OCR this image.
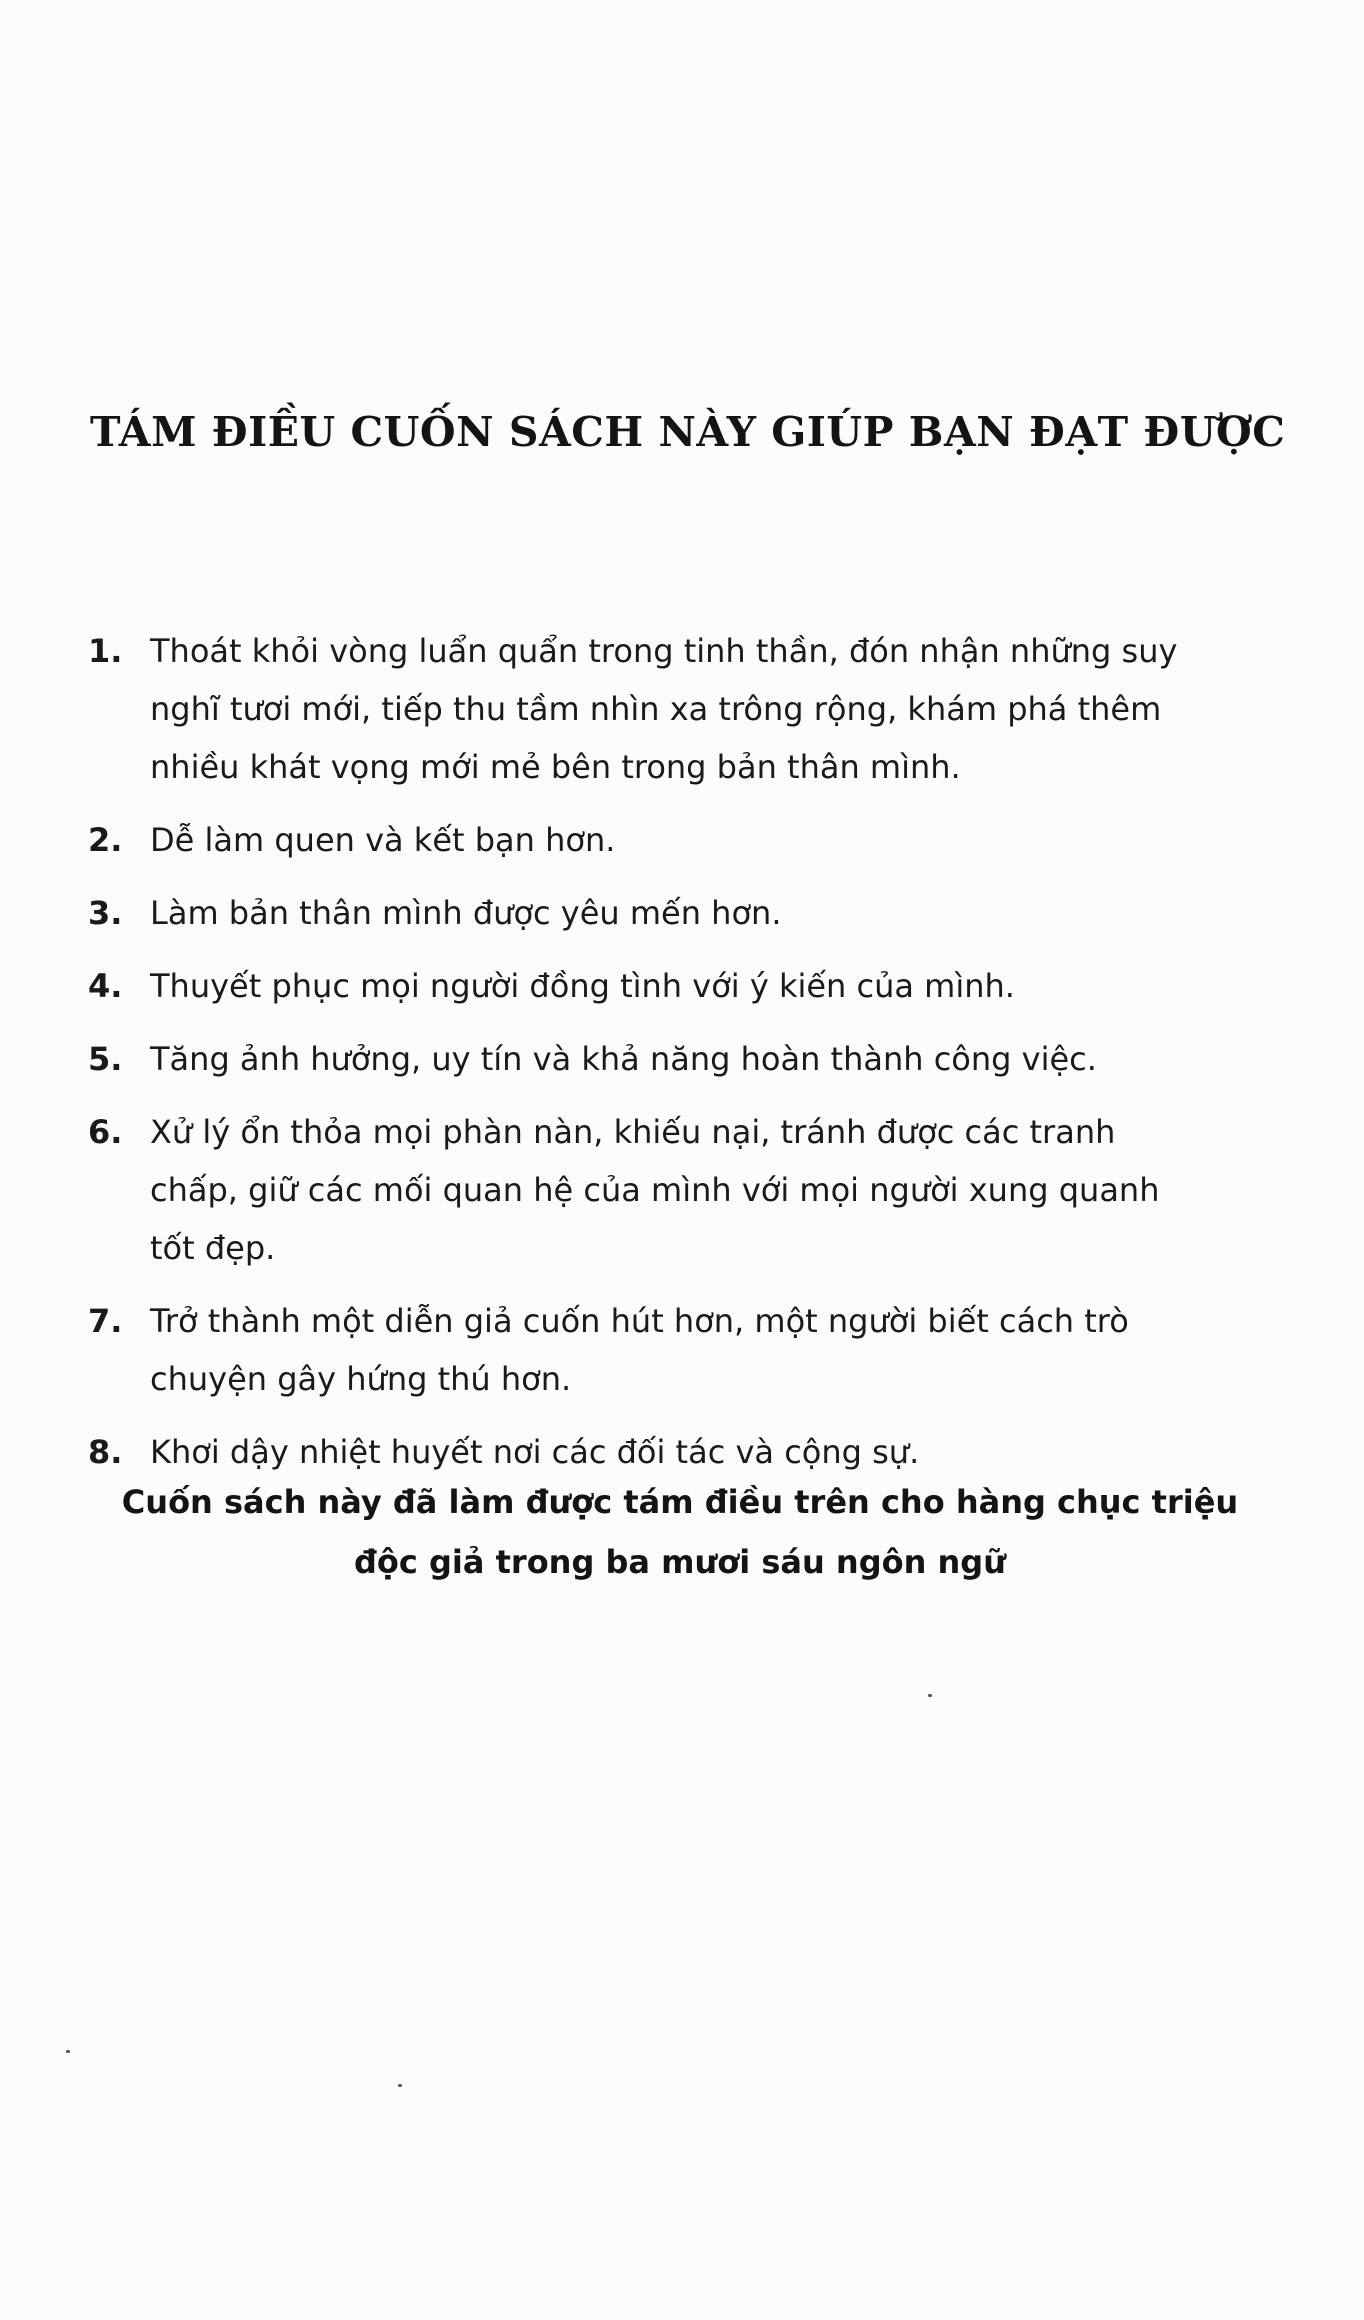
TÁM ĐIỀU CUỐN SÁCH NÀY GIÚP BẠN ĐẠT ĐƯỢC
1. Thoát khỏi vòng luẩn quẩn trong tinh thần, đón nhận những suy nghĩ tươi mới, tiếp thu tầm nhìn xa trông rộng, khám phá thêm nhiều khát vọng mới mẻ bên trong bản thân mình.
2. Dễ làm quen và kết bạn hơn.
3. Làm bản thân mình được yêu mến hơn.
4. Thuyết phục mọi người đồng tình với ý kiến của mình.
5. Tăng ảnh hưởng, uy tín và khả năng hoàn thành công việc.
6. Xử lý ổn thỏa mọi phàn nàn, khiếu nại, tránh được các tranh chấp, giữ các mối quan hệ của mình với mọi người xung quanh tốt đẹp.
7. Trở thành một diễn giả cuốn hút hơn, một người biết cách trò chuyện gây hứng thú hơn.
8. Khơi dậy nhiệt huyết nơi các đối tác và cộng sự.

Cuốn sách này đã làm được tám điều trên cho hàng chục triệu
độc giả trong ba mươi sáu ngôn ngữ
